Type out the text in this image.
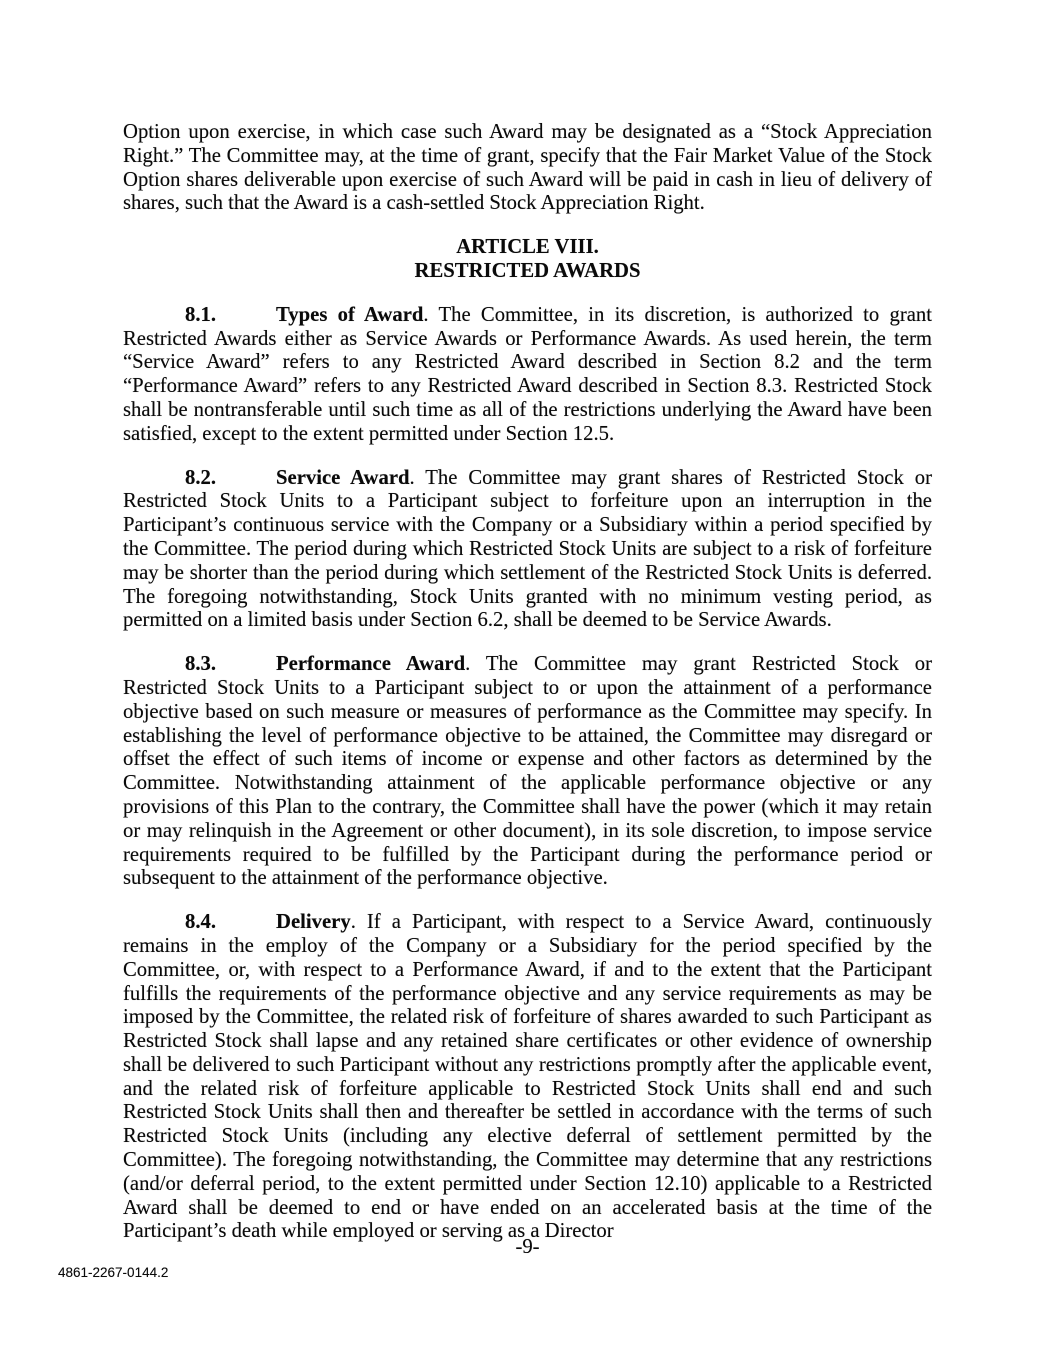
Option upon exercise, in which case such Award may be designated as a “Stock Appreciation Right.” The Committee may, at the time of grant, specify that the Fair Market Value of the Stock Option shares deliverable upon exercise of such Award will be paid in cash in lieu of delivery of shares, such that the Award is a cash-settled Stock Appreciation Right.

ARTICLE VIII.
RESTRICTED AWARDS

8.1.	Types of Award. The Committee, in its discretion, is authorized to grant Restricted Awards either as Service Awards or Performance Awards. As used herein, the term “Service Award” refers to any Restricted Award described in Section 8.2 and the term “Performance Award” refers to any Restricted Award described in Section 8.3. Restricted Stock shall be nontransferable until such time as all of the restrictions underlying the Award have been satisfied, except to the extent permitted under Section 12.5.

8.2.	Service Award. The Committee may grant shares of Restricted Stock or Restricted Stock Units to a Participant subject to forfeiture upon an interruption in the Participant’s continuous service with the Company or a Subsidiary within a period specified by the Committee. The period during which Restricted Stock Units are subject to a risk of forfeiture may be shorter than the period during which settlement of the Restricted Stock Units is deferred. The foregoing notwithstanding, Stock Units granted with no minimum vesting period, as permitted on a limited basis under Section 6.2, shall be deemed to be Service Awards.

8.3.	Performance Award. The Committee may grant Restricted Stock or Restricted Stock Units to a Participant subject to or upon the attainment of a performance objective based on such measure or measures of performance as the Committee may specify. In establishing the level of performance objective to be attained, the Committee may disregard or offset the effect of such items of income or expense and other factors as determined by the Committee. Notwithstanding attainment of the applicable performance objective or any provisions of this Plan to the contrary, the Committee shall have the power (which it may retain or may relinquish in the Agreement or other document), in its sole discretion, to impose service requirements required to be fulfilled by the Participant during the performance period or subsequent to the attainment of the performance objective.

8.4.	Delivery. If a Participant, with respect to a Service Award, continuously remains in the employ of the Company or a Subsidiary for the period specified by the Committee, or, with respect to a Performance Award, if and to the extent that the Participant fulfills the requirements of the performance objective and any service requirements as may be imposed by the Committee, the related risk of forfeiture of shares awarded to such Participant as Restricted Stock shall lapse and any retained share certificates or other evidence of ownership shall be delivered to such Participant without any restrictions promptly after the applicable event, and the related risk of forfeiture applicable to Restricted Stock Units shall end and such Restricted Stock Units shall then and thereafter be settled in accordance with the terms of such Restricted Stock Units (including any elective deferral of settlement permitted by the Committee). The foregoing notwithstanding, the Committee may determine that any restrictions (and/or deferral period, to the extent permitted under Section 12.10) applicable to a Restricted Award shall be deemed to end or have ended on an accelerated basis at the time of the Participant’s death while employed or serving as a Director

-9-
4861-2267-0144.2
